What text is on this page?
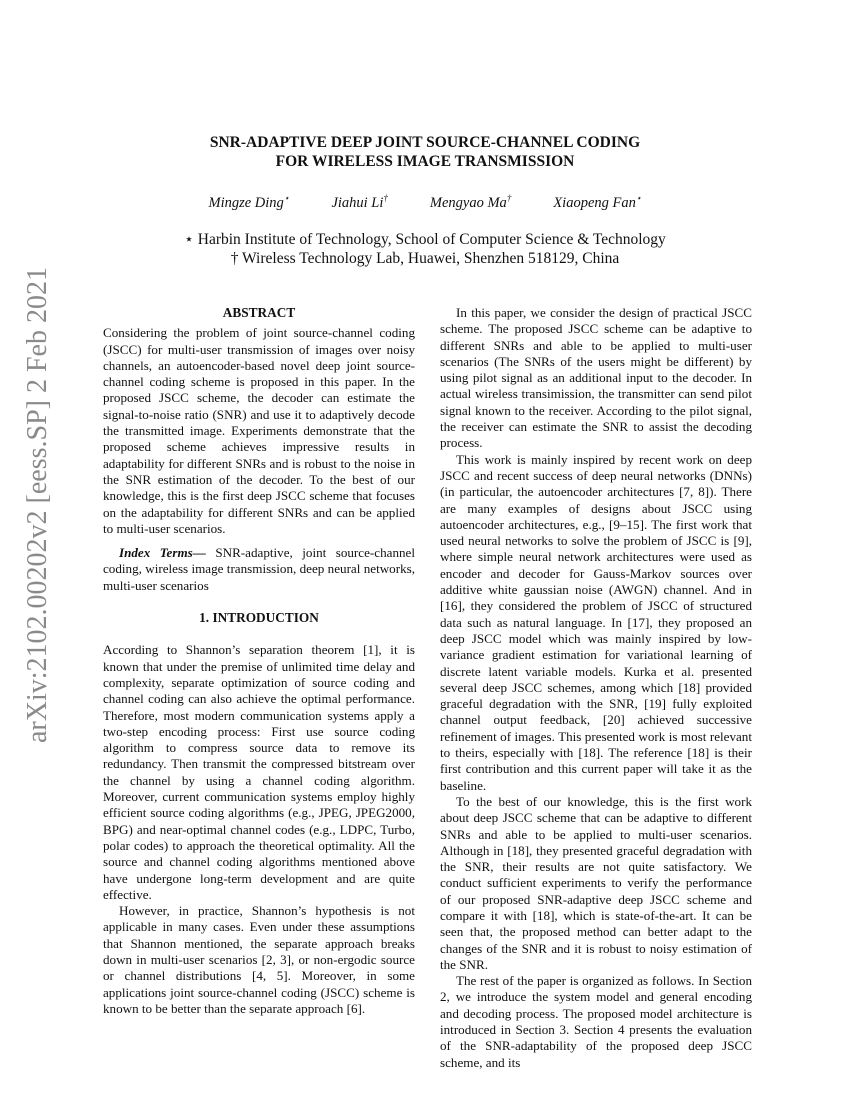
arXiv:2102.00202v2 [eess.SP] 2 Feb 2021
SNR-ADAPTIVE DEEP JOINT SOURCE-CHANNEL CODING
FOR WIRELESS IMAGE TRANSMISSION
Mingze Ding⋆	Jiahui Li†	Mengyao Ma†	Xiaopeng Fan⋆
⋆ Harbin Institute of Technology, School of Computer Science & Technology
† Wireless Technology Lab, Huawei, Shenzhen 518129, China

ABSTRACT

Considering the problem of joint source-channel coding (JSCC) for multi-user transmission of images over noisy channels, an autoencoder-based novel deep joint source-channel coding scheme is proposed in this paper. In the proposed JSCC scheme, the decoder can estimate the signal-to-noise ratio (SNR) and use it to adaptively decode the transmitted image. Experiments demonstrate that the proposed scheme achieves impressive results in adaptability for different SNRs and is robust to the noise in the SNR estimation of the decoder. To the best of our knowledge, this is the first deep JSCC scheme that focuses on the adaptability for different SNRs and can be applied to multi-user scenarios.

Index Terms— SNR-adaptive, joint source-channel coding, wireless image transmission, deep neural networks, multi-user scenarios

1. INTRODUCTION

According to Shannon’s separation theorem [1], it is known that under the premise of unlimited time delay and complexity, separate optimization of source coding and channel coding can also achieve the optimal performance. Therefore, most modern communication systems apply a two-step encoding process: First use source coding algorithm to compress source data to remove its redundancy. Then transmit the compressed bitstream over the channel by using a channel coding algorithm. Moreover, current communication systems employ highly efficient source coding algorithms (e.g., JPEG, JPEG2000, BPG) and near-optimal channel codes (e.g., LDPC, Turbo, polar codes) to approach the theoretical optimality. All the source and channel coding algorithms mentioned above have undergone long-term development and are quite effective.

However, in practice, Shannon’s hypothesis is not applicable in many cases. Even under these assumptions that Shannon mentioned, the separate approach breaks down in multi-user scenarios [2, 3], or non-ergodic source or channel distributions [4, 5]. Moreover, in some applications joint source-channel coding (JSCC) scheme is known to be better than the separate approach [6].

In this paper, we consider the design of practical JSCC scheme. The proposed JSCC scheme can be adaptive to different SNRs and able to be applied to multi-user scenarios (The SNRs of the users might be different) by using pilot signal as an additional input to the decoder. In actual wireless transimission, the transmitter can send pilot signal known to the receiver. According to the pilot signal, the receiver can estimate the SNR to assist the decoding process.

This work is mainly inspired by recent work on deep JSCC and recent success of deep neural networks (DNNs) (in particular, the autoencoder architectures [7, 8]). There are many examples of designs about JSCC using autoencoder architectures, e.g., [9–15]. The first work that used neural networks to solve the problem of JSCC is [9], where simple neural network architectures were used as encoder and decoder for Gauss-Markov sources over additive white gaussian noise (AWGN) channel. And in [16], they considered the problem of JSCC of structured data such as natural language. In [17], they proposed an deep JSCC model which was mainly inspired by low-variance gradient estimation for variational learning of discrete latent variable models. Kurka et al. presented several deep JSCC schemes, among which [18] provided graceful degradation with the SNR, [19] fully exploited channel output feedback, [20] achieved successive refinement of images. This presented work is most relevant to theirs, especially with [18]. The reference [18] is their first contribution and this current paper will take it as the baseline.

To the best of our knowledge, this is the first work about deep JSCC scheme that can be adaptive to different SNRs and able to be applied to multi-user scenarios. Although in [18], they presented graceful degradation with the SNR, their results are not quite satisfactory. We conduct sufficient experiments to verify the performance of our proposed SNR-adaptive deep JSCC scheme and compare it with [18], which is state-of-the-art. It can be seen that, the proposed method can better adapt to the changes of the SNR and it is robust to noisy estimation of the SNR.

The rest of the paper is organized as follows. In Section 2, we introduce the system model and general encoding and decoding process. The proposed model architecture is introduced in Section 3. Section 4 presents the evaluation of the SNR-adaptability of the proposed deep JSCC scheme, and its
